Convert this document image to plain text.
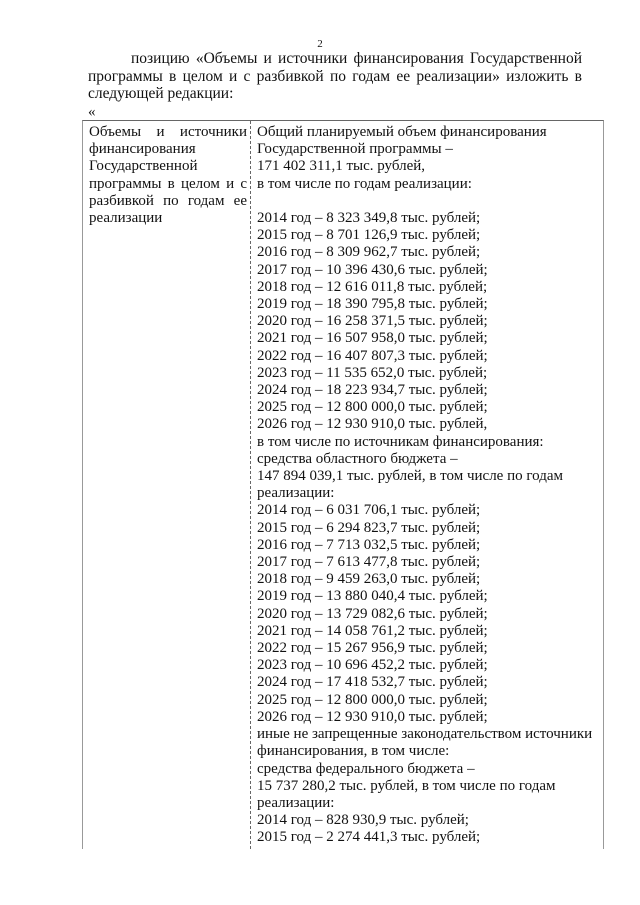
2
позицию «Объемы и источники финансирования Государственной программы в целом и с разбивкой по годам ее реализации» изложить в следующей редакции:
«
Объемы и источники финансирования Государственной программы в целом и с разбивкой по годам ее реализации
Общий планируемый объем финансирования
Государственной программы –
171 402 311,1 тыс. рублей,
в том числе по годам реализации:
2014 год – 8 323 349,8 тыс. рублей;
2015 год – 8 701 126,9 тыс. рублей;
2016 год – 8 309 962,7 тыс. рублей;
2017 год – 10 396 430,6 тыс. рублей;
2018 год – 12 616 011,8 тыс. рублей;
2019 год – 18 390 795,8 тыс. рублей;
2020 год – 16 258 371,5 тыс. рублей;
2021 год – 16 507 958,0 тыс. рублей;
2022 год – 16 407 807,3 тыс. рублей;
2023 год – 11 535 652,0 тыс. рублей;
2024 год – 18 223 934,7 тыс. рублей;
2025 год – 12 800 000,0 тыс. рублей;
2026 год – 12 930 910,0 тыс. рублей,
в том числе по источникам финансирования:
средства областного бюджета –
147 894 039,1 тыс. рублей, в том числе по годам
реализации:
2014 год – 6 031 706,1 тыс. рублей;
2015 год – 6 294 823,7 тыс. рублей;
2016 год – 7 713 032,5 тыс. рублей;
2017 год – 7 613 477,8 тыс. рублей;
2018 год – 9 459 263,0 тыс. рублей;
2019 год – 13 880 040,4 тыс. рублей;
2020 год – 13 729 082,6 тыс. рублей;
2021 год – 14 058 761,2 тыс. рублей;
2022 год – 15 267 956,9 тыс. рублей;
2023 год – 10 696 452,2 тыс. рублей;
2024 год – 17 418 532,7 тыс. рублей;
2025 год – 12 800 000,0 тыс. рублей;
2026 год – 12 930 910,0 тыс. рублей;
иные не запрещенные законодательством источники
финансирования, в том числе:
средства федерального бюджета –
15 737 280,2 тыс. рублей, в том числе по годам
реализации:
2014 год – 828 930,9 тыс. рублей;
2015 год – 2 274 441,3 тыс. рублей;
